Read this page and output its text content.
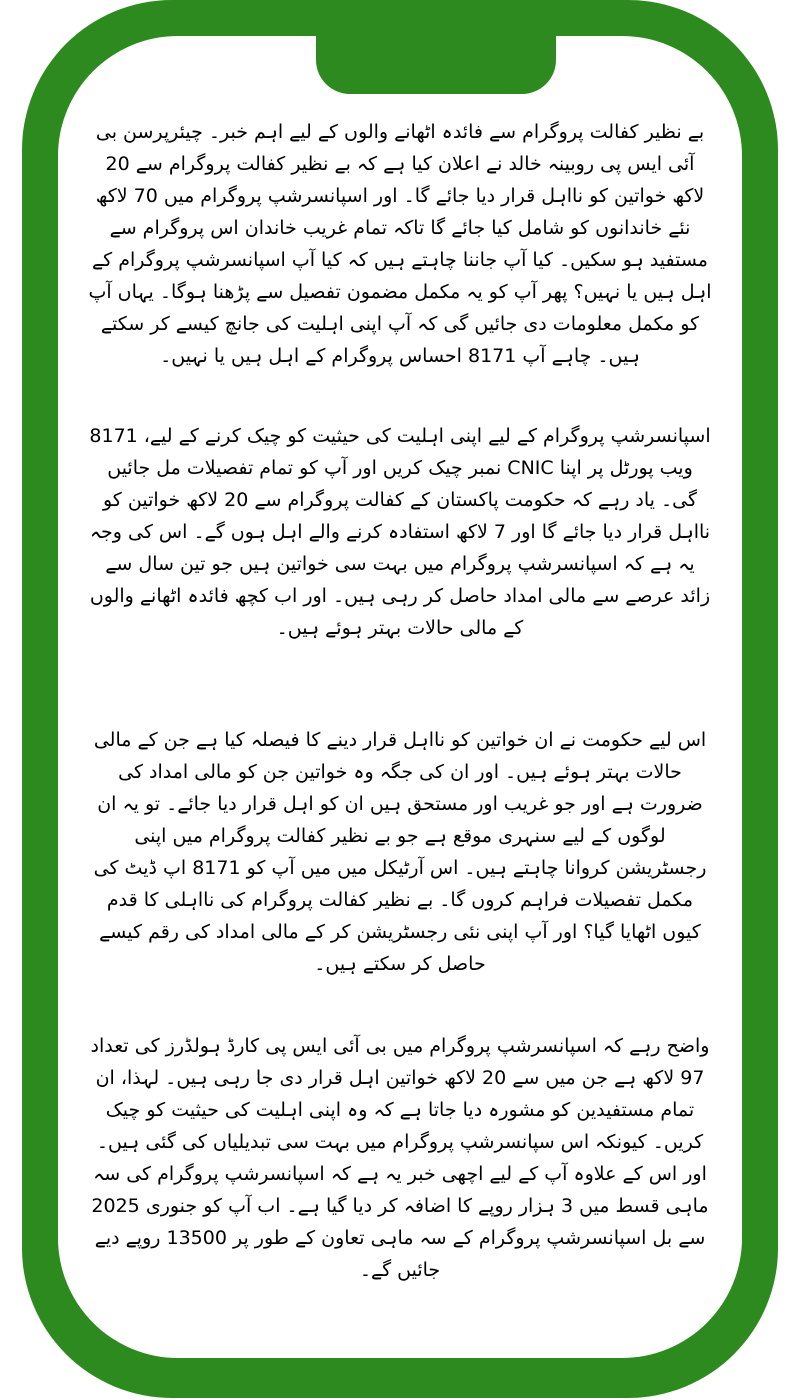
بے نظیر کفالت پروگرام سے فائدہ اٹھانے والوں کے لیے اہم خبر۔ چیئرپرسن بی آئی ایس پی روبینہ خالد نے اعلان کیا ہے کہ بے نظیر کفالت پروگرام سے 20 لاکھ خواتین کو نااہل قرار دیا جائے گا۔ اور اسپانسرشپ پروگرام میں 70 لاکھ نئے خاندانوں کو شامل کیا جائے گا تاکہ تمام غریب خاندان اس پروگرام سے مستفید ہو سکیں۔ کیا آپ جاننا چاہتے ہیں کہ کیا آپ اسپانسرشپ پروگرام کے اہل ہیں یا نہیں؟ پھر آپ کو یہ مکمل مضمون تفصیل سے پڑھنا ہوگا۔ یہاں آپ کو مکمل معلومات دی جائیں گی کہ آپ اپنی اہلیت کی جانچ کیسے کر سکتے ہیں۔ چاہے آپ 8171 احساس پروگرام کے اہل ہیں یا نہیں۔

اسپانسرشپ پروگرام کے لیے اپنی اہلیت کی حیثیت کو چیک کرنے کے لیے، 8171 ویب پورٹل پر اپنا CNIC نمبر چیک کریں اور آپ کو تمام تفصیلات مل جائیں گی۔ یاد رہے کہ حکومت پاکستان کے کفالت پروگرام سے 20 لاکھ خواتین کو نااہل قرار دیا جائے گا اور 7 لاکھ استفادہ کرنے والے اہل ہوں گے۔ اس کی وجہ یہ ہے کہ اسپانسرشپ پروگرام میں بہت سی خواتین ہیں جو تین سال سے زائد عرصے سے مالی امداد حاصل کر رہی ہیں۔ اور اب کچھ فائدہ اٹھانے والوں کے مالی حالات بہتر ہوئے ہیں۔

اس لیے حکومت نے ان خواتین کو نااہل قرار دینے کا فیصلہ کیا ہے جن کے مالی حالات بہتر ہوئے ہیں۔ اور ان کی جگہ وہ خواتین جن کو مالی امداد کی ضرورت ہے اور جو غریب اور مستحق ہیں ان کو اہل قرار دیا جائے۔ تو یہ ان لوگوں کے لیے سنہری موقع ہے جو بے نظیر کفالت پروگرام میں اپنی رجسٹریشن کروانا چاہتے ہیں۔ اس آرٹیکل میں میں آپ کو 8171 اپ ڈیٹ کی مکمل تفصیلات فراہم کروں گا۔ بے نظیر کفالت پروگرام کی نااہلی کا قدم کیوں اٹھایا گیا؟ اور آپ اپنی نئی رجسٹریشن کر کے مالی امداد کی رقم کیسے حاصل کر سکتے ہیں۔

واضح رہے کہ اسپانسرشپ پروگرام میں بی آئی ایس پی کارڈ ہولڈرز کی تعداد 97 لاکھ ہے جن میں سے 20 لاکھ خواتین اہل قرار دی جا رہی ہیں۔ لہذا، ان تمام مستفیدین کو مشورہ دیا جاتا ہے کہ وہ اپنی اہلیت کی حیثیت کو چیک کریں۔ کیونکہ اس سپانسرشپ پروگرام میں بہت سی تبدیلیاں کی گئی ہیں۔ اور اس کے علاوہ آپ کے لیے اچھی خبر یہ ہے کہ اسپانسرشپ پروگرام کی سہ ماہی قسط میں 3 ہزار روپے کا اضافہ کر دیا گیا ہے۔ اب آپ کو جنوری 2025 سے بل اسپانسرشپ پروگرام کے سہ ماہی تعاون کے طور پر 13500 روپے دیے جائیں گے۔
